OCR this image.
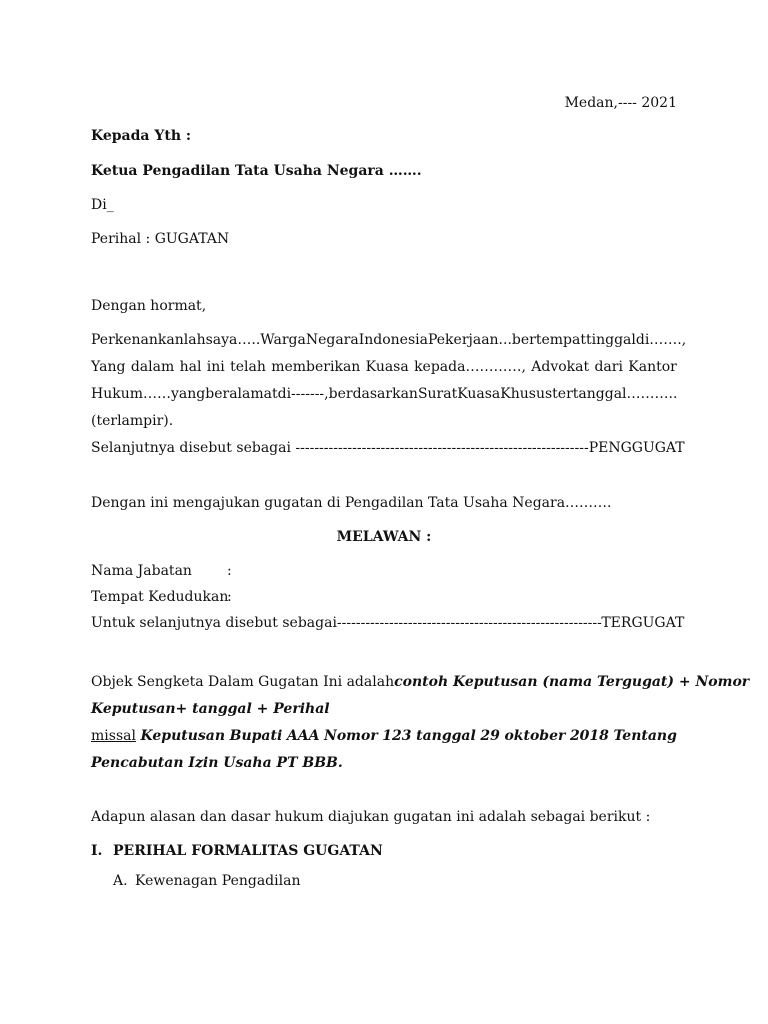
Medan,---- 2021
Kepada Yth :
Ketua Pengadilan Tata Usaha Negara …….
Di_
Perihal : GUGATAN
Dengan hormat,
Perkenankan lah saya….. Warga Negara Indonesia Pekerjaan... bertempat tinggal di…….,
Yang dalam hal ini telah memberikan Kuasa kepada…………, Advokat dari Kantor
Hukum…… yang beralamat di-------, berdasarkan Surat Kuasa Khusus tertanggal………..
(terlampir).
Selanjutnya disebut sebagai --------------------------------------------------------------PENGGUGAT
Dengan ini mengajukan gugatan di Pengadilan Tata Usaha Negara……….
MELAWAN :
Nama Jabatan	:
Tempat Kedudukan
:
Untuk selanjutnya disebut sebagai--------------------------------------------------------TERGUGAT
Objek Sengketa Dalam Gugatan Ini adalah contoh Keputusan (nama Tergugat) + Nomor
Keputusan+ tanggal + Perihal
missal Keputusan Bupati AAA Nomor 123 tanggal 29 oktober 2018 Tentang
Pencabutan Izin Usaha PT BBB.
Adapun alasan dan dasar hukum diajukan gugatan ini adalah sebagai berikut :
I. PERIHAL FORMALITAS GUGATAN
A. Kewenagan Pengadilan
